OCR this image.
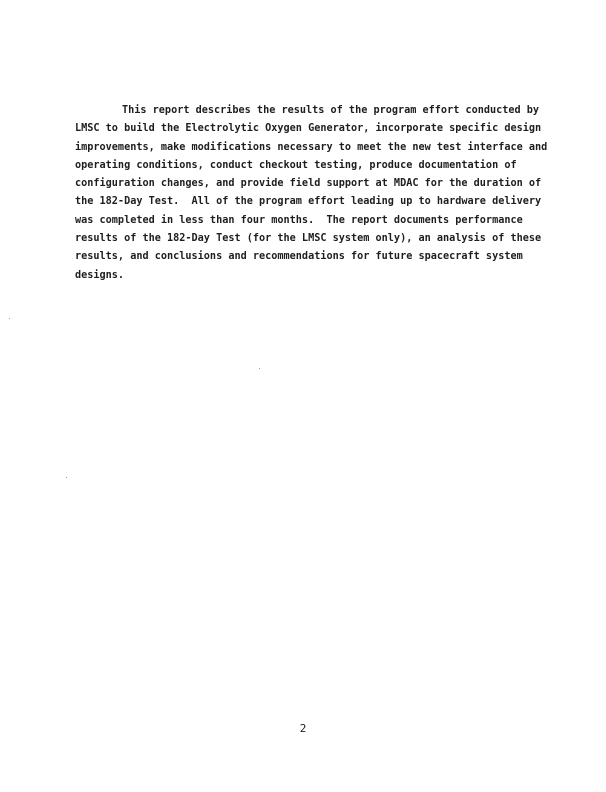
This report describes the results of the program effort conducted by
LMSC to build the Electrolytic Oxygen Generator, incorporate specific design
improvements, make modifications necessary to meet the new test interface and
operating conditions, conduct checkout testing, produce documentation of
configuration changes, and provide field support at MDAC for the duration of
the 182-Day Test.  All of the program effort leading up to hardware delivery
was completed in less than four months.  The report documents performance
results of the 182-Day Test (for the LMSC system only), an analysis of these
results, and conclusions and recommendations for future spacecraft system
designs.

2
